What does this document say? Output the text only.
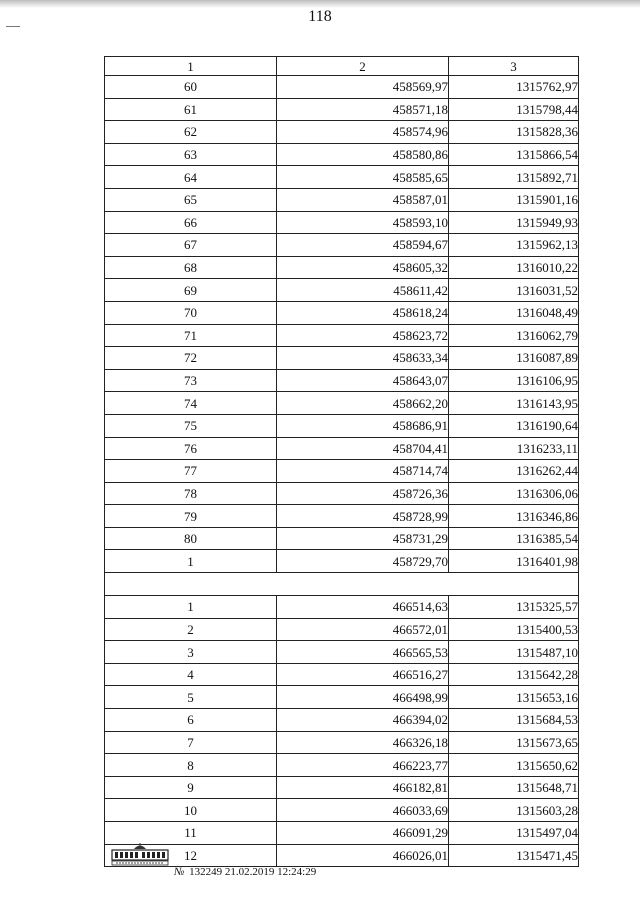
118
1	2	3
60	458569,97	1315762,97
61	458571,18	1315798,44
62	458574,96	1315828,36
63	458580,86	1315866,54
64	458585,65	1315892,71
65	458587,01	1315901,16
66	458593,10	1315949,93
67	458594,67	1315962,13
68	458605,32	1316010,22
69	458611,42	1316031,52
70	458618,24	1316048,49
71	458623,72	1316062,79
72	458633,34	1316087,89
73	458643,07	1316106,95
74	458662,20	1316143,95
75	458686,91	1316190,64
76	458704,41	1316233,11
77	458714,74	1316262,44
78	458726,36	1316306,06
79	458728,99	1316346,86
80	458731,29	1316385,54
1	458729,70	1316401,98

1	466514,63	1315325,57
2	466572,01	1315400,53
3	466565,53	1315487,10
4	466516,27	1315642,28
5	466498,99	1315653,16
6	466394,02	1315684,53
7	466326,18	1315673,65
8	466223,77	1315650,62
9	466182,81	1315648,71
10	466033,69	1315603,28
11	466091,29	1315497,04
12	466026,01	1315471,45
№ 132249 21.02.2019 12:24:29
